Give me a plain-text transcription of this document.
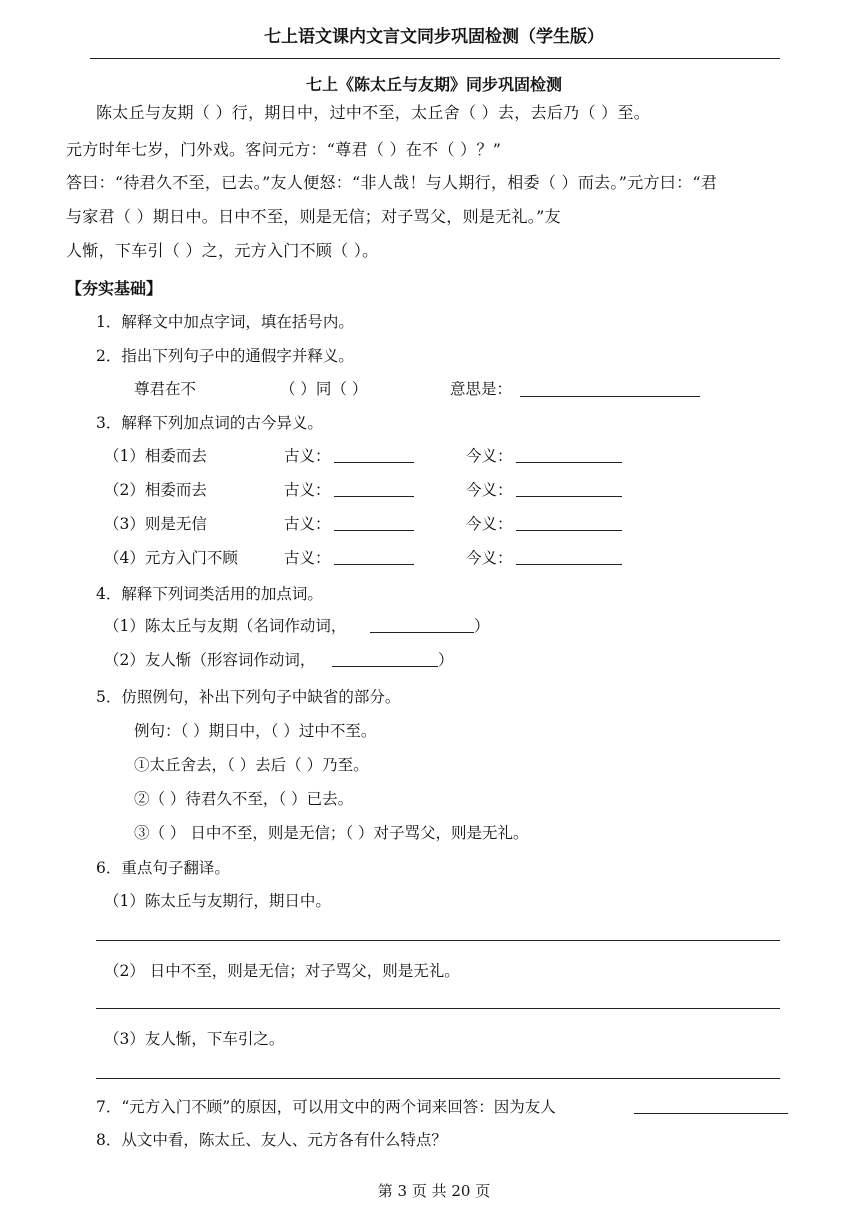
七上语文课内文言文同步巩固检测（学生版）
七上《陈太丘与友期》同步巩固检测
陈太丘与友期（ ）行，期日中，过中不至，太丘舍（ ）去，去后乃（ ）至。
元方时年七岁，门外戏。客问元方：“尊君（ ）在不（ ）？”
答曰：“待君久不至，已去。”友人便怒：“非人哉！与人期行，相委（ ）而去。”元方曰：“君
与家君（ ）期日中。日中不至，则是无信；对子骂父，则是无礼。”友
人惭，下车引（ ）之，元方入门不顾（ ）。
【夯实基础】
1．解释文中加点字词，填在括号内。
2．指出下列句子中的通假字并释义。
尊君在不	（ ）同（ ）	意思是：
3．解释下列加点词的古今异义。
（1）相委而去	古义：	今义：
（2）相委而去	古义：	今义：
（3）则是无信	古义：	今义：
（4）元方入门不顾	古义：	今义：
4．解释下列词类活用的加点词。
（1）陈太丘与友期（名词作动词，	）
（2）友人惭（形容词作动词，	）
5．仿照例句，补出下列句子中缺省的部分。
例句：（ ）期日中，（ ）过中不至。
①太丘舍去，（ ）去后（ ）乃至。
②（ ）待君久不至，（ ）已去。
③（ ） 日中不至，则是无信；（ ）对子骂父，则是无礼。
6．重点句子翻译。
（1）陈太丘与友期行，期日中。
（2） 日中不至，则是无信；对子骂父，则是无礼。
（3）友人惭，下车引之。
7．“元方入门不顾”的原因，可以用文中的两个词来回答：因为友人
8．从文中看，陈太丘、友人、元方各有什么特点？
第 3 页 共 20 页
